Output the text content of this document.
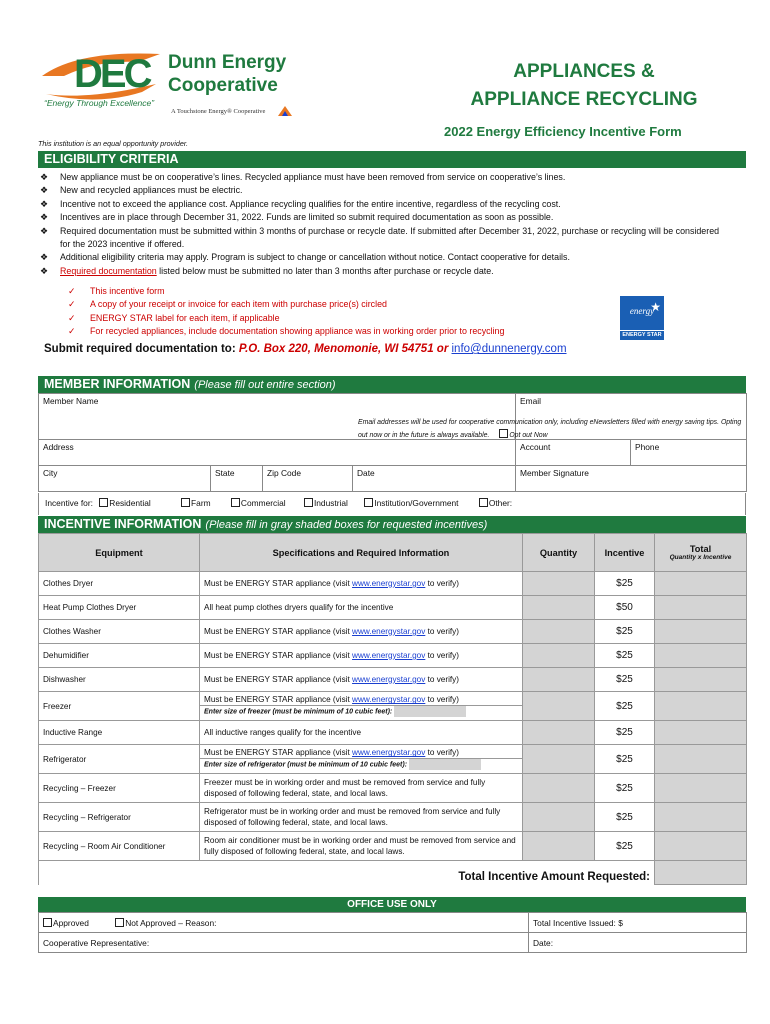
DEC Dunn Energy
Cooperative
“Energy Through Excellence”
A Touchstone Energy® Cooperative
APPLIANCES &
APPLIANCE RECYCLING
2022 Energy Efficiency Incentive Form
This institution is an equal opportunity provider.
ELIGIBILITY CRITERIA
❖ New appliance must be on cooperative’s lines. Recycled appliance must have been removed from service on cooperative’s lines.
❖ New and recycled appliances must be electric.
❖ Incentive not to exceed the appliance cost. Appliance recycling qualifies for the entire incentive, regardless of the recycling cost.
❖ Incentives are in place through December 31, 2022. Funds are limited so submit required documentation as soon as possible.
❖ Required documentation must be submitted within 3 months of purchase or recycle date. If submitted after December 31, 2022, purchase or recycling will be considered for the 2023 incentive if offered.
❖ Additional eligibility criteria may apply. Program is subject to change or cancellation without notice. Contact cooperative for details.
❖ Required documentation listed below must be submitted no later than 3 months after purchase or recycle date.
✓ This incentive form
✓ A copy of your receipt or invoice for each item with purchase price(s) circled
✓ ENERGY STAR label for each item, if applicable
✓ For recycled appliances, include documentation showing appliance was in working order prior to recycling
energy
★
ENERGY STAR
Submit required documentation to: P.O. Box 220, Menomonie, WI 54751 or info@dunnenergy.com
MEMBER INFORMATION (Please fill out entire section)
Member Name				Email

Address				Account Phone

City	State	Zip Code	Date	Member Signature
Email addresses will be used for cooperative communication only, including eNewsletters filled with energy saving tips. Opting out now or in the future is always available.	Opt out Now
Incentive for: Residential	Farm	Commercial	Industrial	Institution/Government	Other:
INCENTIVE INFORMATION (Please fill in gray shaded boxes for requested incentives)
Equipment	Specifications and Required Information	Quantity	Incentive	Total
Quantity x Incentive

Clothes Dryer	Must be ENERGY STAR appliance (visit www.energystar.gov to verify)		$25	
Heat Pump Clothes Dryer	All heat pump clothes dryers qualify for the incentive		$50	
Clothes Washer	Must be ENERGY STAR appliance (visit www.energystar.gov to verify)		$25	
Dehumidifier	Must be ENERGY STAR appliance (visit www.energystar.gov to verify)		$25	
Dishwasher	Must be ENERGY STAR appliance (visit www.energystar.gov to verify)		$25	
Freezer	Must be ENERGY STAR appliance (visit www.energystar.gov to verify)
Enter size of freezer (must be minimum of 10 cubic feet):		$25	
Inductive Range	All inductive ranges qualify for the incentive		$25	
Refrigerator	Must be ENERGY STAR appliance (visit www.energystar.gov to verify)
Enter size of refrigerator (must be minimum of 10 cubic feet):		$25	
Recycling – Freezer	Freezer must be in working order and must be removed from service and fully disposed of following federal, state, and local laws.		$25	
Recycling – Refrigerator	Refrigerator must be in working order and must be removed from service and fully disposed of following federal, state, and local laws.		$25	
Recycling – Room Air Conditioner	Room air conditioner must be in working order and must be removed from service and fully disposed of following federal, state, and local laws.		$25	
Total Incentive Amount Requested:				
OFFICE USE ONLY
Approved Not Approved – Reason:	Total Incentive Issued: $
Cooperative Representative:	Date:
